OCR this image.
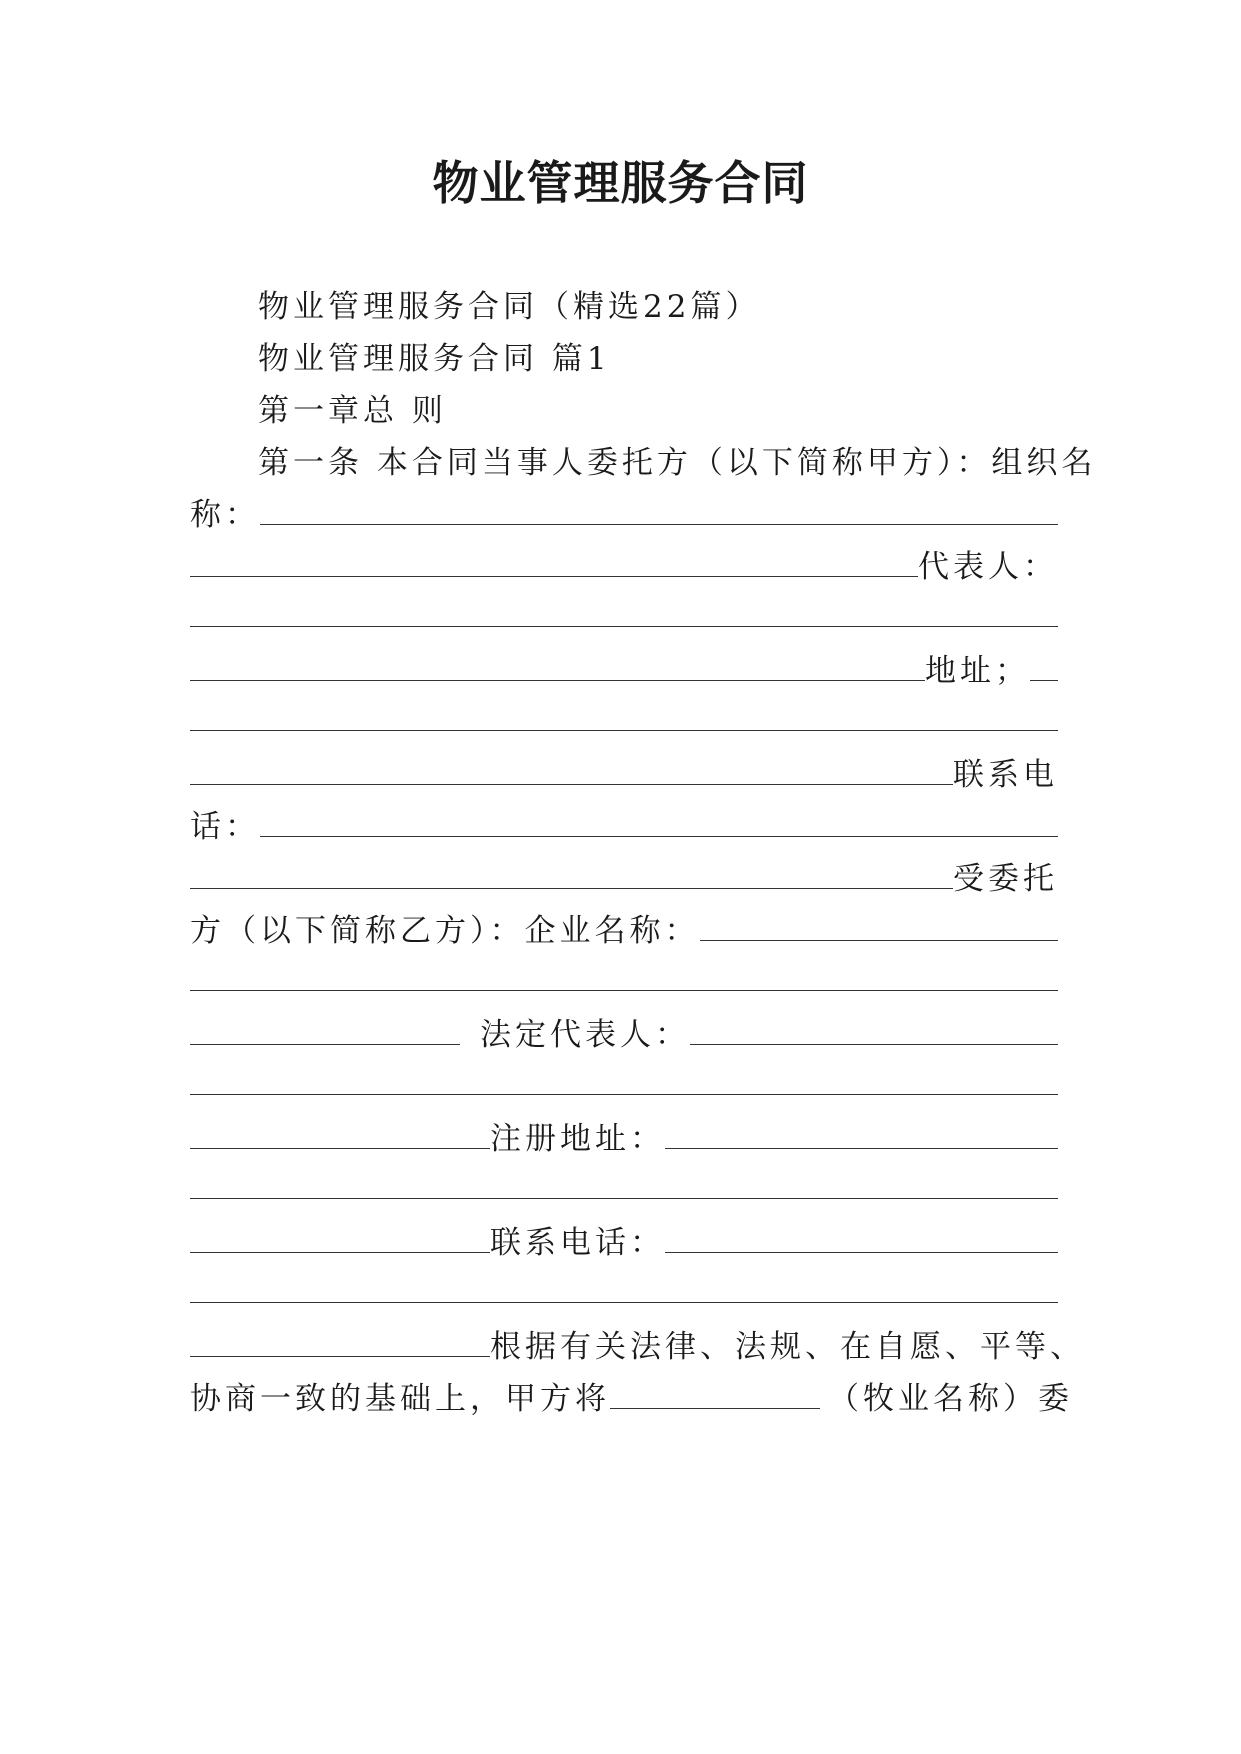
物业管理服务合同
物业管理服务合同（精选22篇）
物业管理服务合同 篇1
第一章总 则
第一条 本合同当事人委托方（以下简称甲方）：组织名
称：
代表人：
地址；
联系电
话：
受委托
方（以下简称乙方）：企业名称：
法定代表人：
注册地址：
联系电话：
根据有关法律、法规、在自愿、平等、
协商一致的基础上，甲方将	（牧业名称）委
